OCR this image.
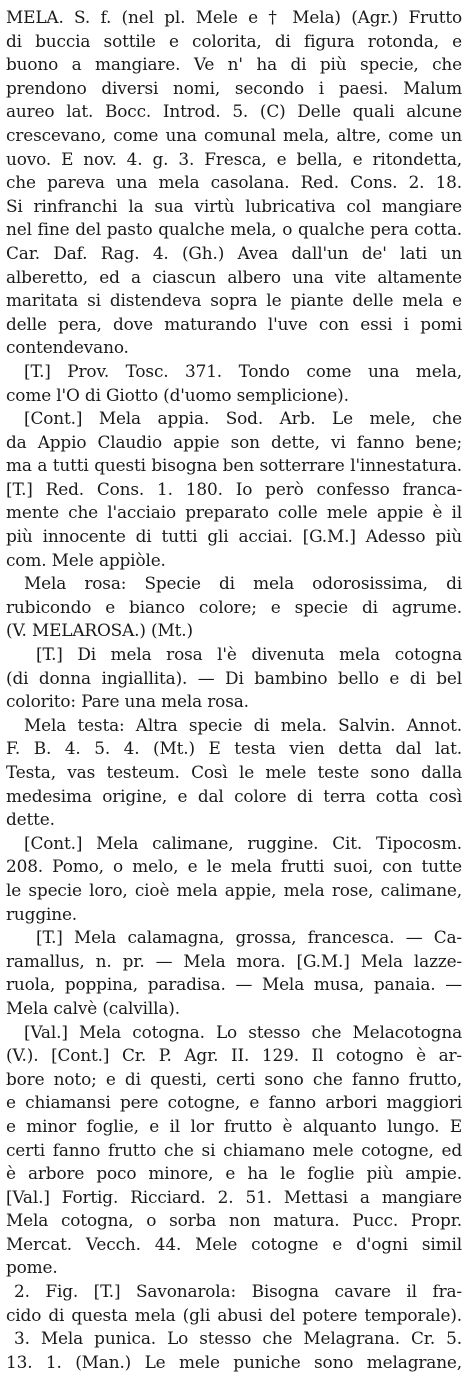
MELA. S. f. (nel pl. Mele e † Mela) (Agr.) Frutto
di buccia sottile e colorita, di figura rotonda, e
buono a mangiare. Ve n' ha di più specie, che
prendono diversi nomi, secondo i paesi. Malum
aureo lat. Bocc. Introd. 5. (C) Delle quali alcune
crescevano, come una comunal mela, altre, come un
uovo. E nov. 4. g. 3. Fresca, e bella, e ritondetta,
che pareva una mela casolana. Red. Cons. 2. 18.
Si rinfranchi la sua virtù lubricativa col mangiare
nel fine del pasto qualche mela, o qualche pera cotta.
Car. Daf. Rag. 4. (Gh.) Avea dall'un de' lati un
alberetto, ed a ciascun albero una vite altamente
maritata si distendeva sopra le piante delle mela e
delle pera, dove maturando l'uve con essi i pomi
contendevano.
[T.] Prov. Tosc. 371. Tondo come una mela,
come l'O di Giotto (d'uomo semplicione).
[Cont.] Mela appia. Sod. Arb. Le mele, che
da Appio Claudio appie son dette, vi fanno bene;
ma a tutti questi bisogna ben sotterrare l'innestatura.
[T.] Red. Cons. 1. 180. Io però confesso franca-
mente che l'acciaio preparato colle mele appie è il
più innocente di tutti gli acciai. [G.M.] Adesso più
com. Mele appiòle.
Mela rosa: Specie di mela odorosissima, di
rubicondo e bianco colore; e specie di agrume.
(V. MELAROSA.) (Mt.)
[T.] Di mela rosa l'è divenuta mela cotogna
(di donna ingiallita). — Di bambino bello e di bel
colorito: Pare una mela rosa.
Mela testa: Altra specie di mela. Salvin. Annot.
F. B. 4. 5. 4. (Mt.) E testa vien detta dal lat.
Testa, vas testeum. Così le mele teste sono dalla
medesima origine, e dal colore di terra cotta così
dette.
[Cont.] Mela calimane, ruggine. Cit. Tipocosm.
208. Pomo, o melo, e le mela frutti suoi, con tutte
le specie loro, cioè mela appie, mela rose, calimane,
ruggine.
[T.] Mela calamagna, grossa, francesca. — Ca-
ramallus, n. pr. — Mela mora. [G.M.] Mela lazze-
ruola, poppina, paradisa. — Mela musa, panaia. —
Mela calvè (calvilla).
[Val.] Mela cotogna. Lo stesso che Melacotogna
(V.). [Cont.] Cr. P. Agr. II. 129. Il cotogno è ar-
bore noto; e di questi, certi sono che fanno frutto,
e chiamansi pere cotogne, e fanno arbori maggiori
e minor foglie, e il lor frutto è alquanto lungo. E
certi fanno frutto che si chiamano mele cotogne, ed
è arbore poco minore, e ha le foglie più ampie.
[Val.] Fortig. Ricciard. 2. 51. Mettasi a mangiare
Mela cotogna, o sorba non matura. Pucc. Propr.
Mercat. Vecch. 44. Mele cotogne e d'ogni simil
pome.
2. Fig. [T.] Savonarola: Bisogna cavare il fra-
cido di questa mela (gli abusi del potere temporale).
3. Mela punica. Lo stesso che Melagrana. Cr. 5.
13. 1. (Man.) Le mele puniche sono melagrane,
